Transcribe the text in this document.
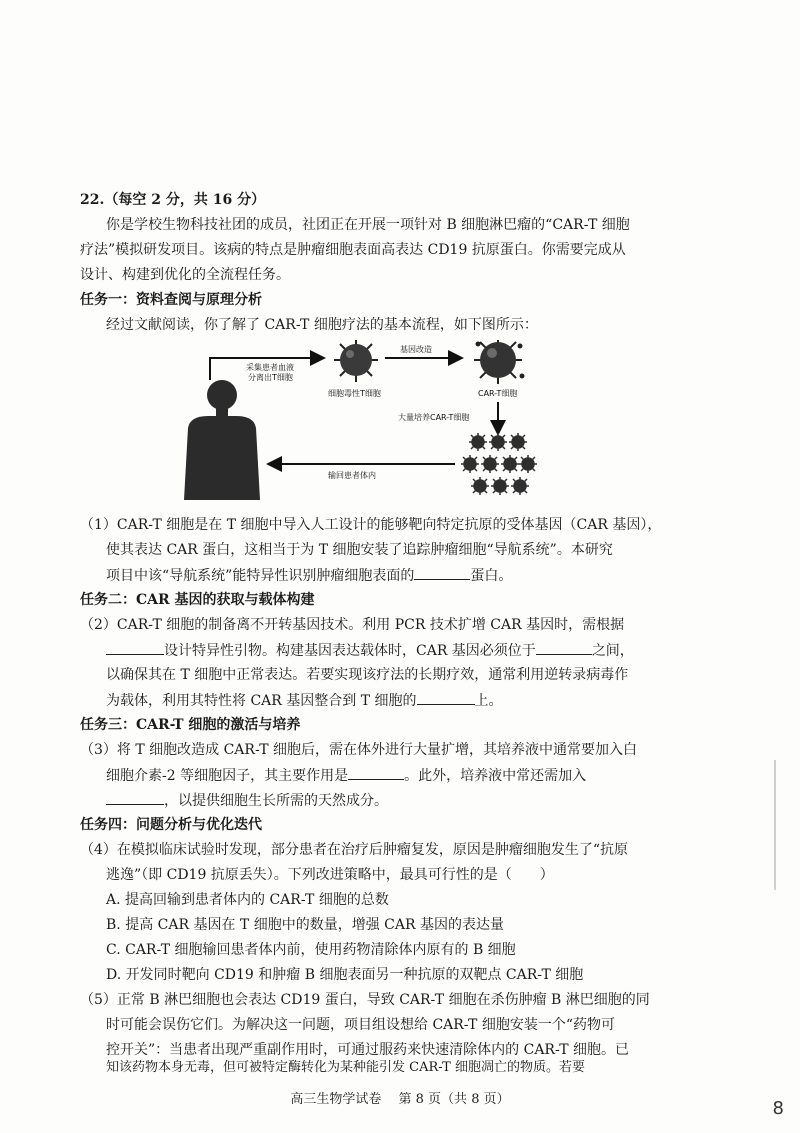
22.（每空 2 分，共 16 分）
你是学校生物科技社团的成员，社团正在开展一项针对 B 细胞淋巴瘤的“CAR-T 细胞
疗法”模拟研发项目。该病的特点是肿瘤细胞表面高表达 CD19 抗原蛋白。你需要完成从
设计、构建到优化的全流程任务。
任务一：资料查阅与原理分析
经过文献阅读，你了解了 CAR-T 细胞疗法的基本流程，如下图所示：
采集患者血液
分离出T细胞
细胞毒性T细胞
基因改造
CAR-T细胞
大量培养CAR-T细胞
输回患者体内
（1）CAR-T 细胞是在 T 细胞中导入人工设计的能够靶向特定抗原的受体基因（CAR 基因），
使其表达 CAR 蛋白，这相当于为 T 细胞安装了追踪肿瘤细胞“导航系统”。本研究
项目中该“导航系统”能特异性识别肿瘤细胞表面的	蛋白。
任务二：CAR 基因的获取与载体构建
（2）CAR-T 细胞的制备离不开转基因技术。利用 PCR 技术扩增 CAR 基因时，需根据
设计特异性引物。构建基因表达载体时，CAR 基因必须位于	之间，
以确保其在 T 细胞中正常表达。若要实现该疗法的长期疗效，通常利用逆转录病毒作
为载体，利用其特性将 CAR 基因整合到 T 细胞的	上。
任务三：CAR-T 细胞的激活与培养
（3）将 T 细胞改造成 CAR-T 细胞后，需在体外进行大量扩增，其培养液中通常要加入白
细胞介素-2 等细胞因子，其主要作用是	。此外，培养液中常还需加入
，以提供细胞生长所需的天然成分。
任务四：问题分析与优化迭代
（4）在模拟临床试验时发现，部分患者在治疗后肿瘤复发，原因是肿瘤细胞发生了“抗原
逃逸”（即 CD19 抗原丢失）。下列改进策略中，最具可行性的是（　　）
A. 提高回输到患者体内的 CAR-T 细胞的总数
B. 提高 CAR 基因在 T 细胞中的数量，增强 CAR 基因的表达量
C. CAR-T 细胞输回患者体内前，使用药物清除体内原有的 B 细胞
D. 开发同时靶向 CD19 和肿瘤 B 细胞表面另一种抗原的双靶点 CAR-T 细胞
（5）正常 B 淋巴细胞也会表达 CD19 蛋白，导致 CAR-T 细胞在杀伤肿瘤 B 淋巴细胞的同
时可能会误伤它们。为解决这一问题，项目组设想给 CAR-T 细胞安装一个“药物可
控开关”：当患者出现严重副作用时，可通过服药来快速清除体内的 CAR-T 细胞。已
知该药物本身无毒，但可被特定酶转化为某种能引发 CAR-T 细胞凋亡的物质。若要
高三生物学试卷　 第 8 页（共 8 页）	8
